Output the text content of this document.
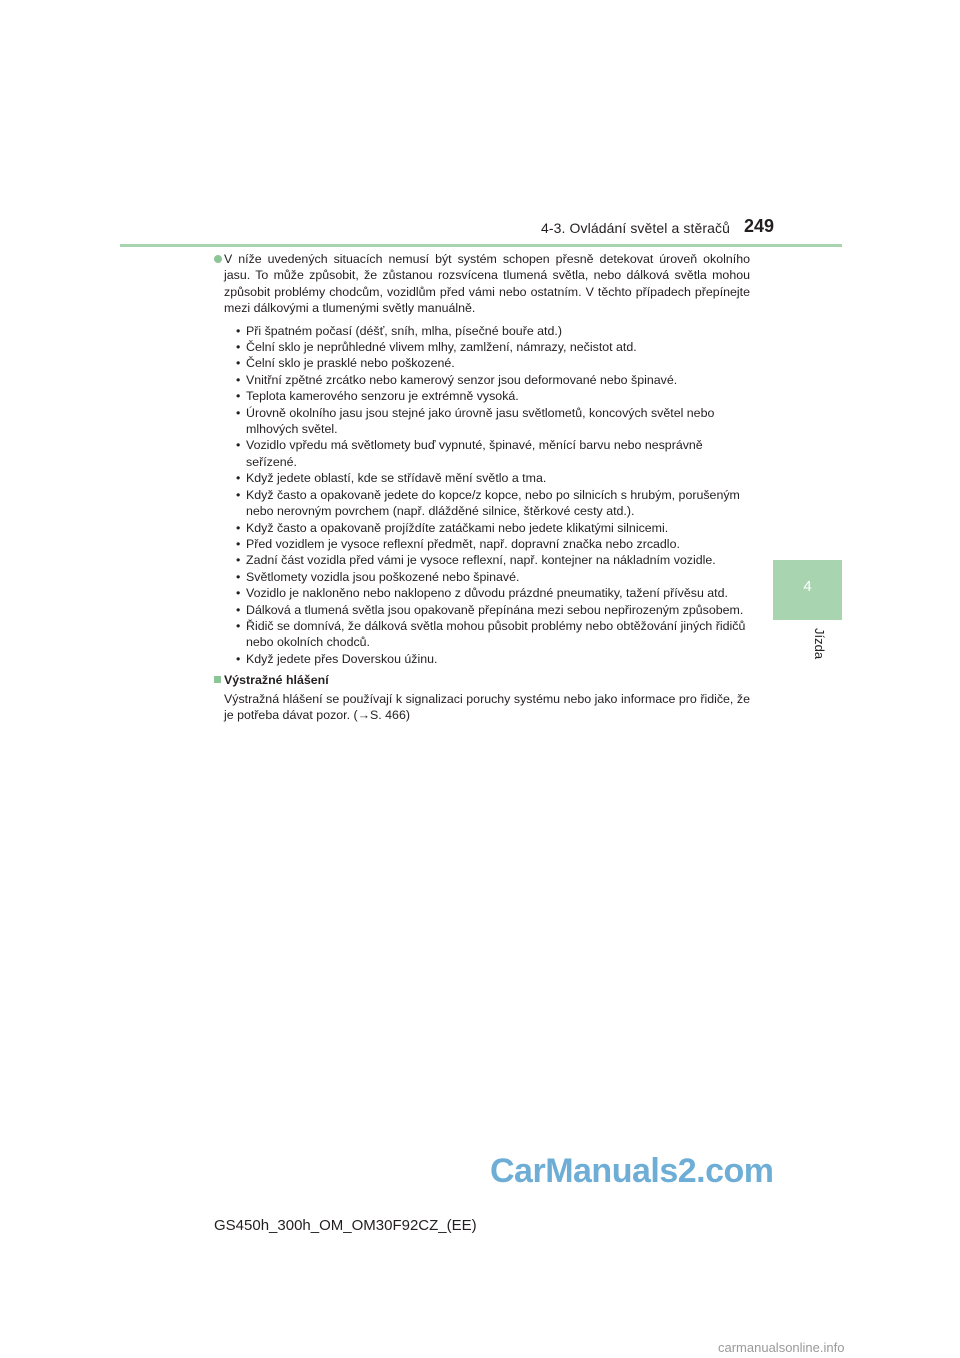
4-3. Ovládání světel a stěračů 249
4
Jízda
V níže uvedených situacích nemusí být systém schopen přesně detekovat úroveň okolního jasu. To může způsobit, že zůstanou rozsvícena tlumená světla, nebo dálková světla mohou způsobit problémy chodcům, vozidlům před vámi nebo ostatním. V těchto případech přepínejte mezi dálkovými a tlumenými světly manuálně.
• Při špatném počasí (déšť, sníh, mlha, písečné bouře atd.)
• Čelní sklo je neprůhledné vlivem mlhy, zamlžení, námrazy, nečistot atd.
• Čelní sklo je prasklé nebo poškozené.
• Vnitřní zpětné zrcátko nebo kamerový senzor jsou deformované nebo špinavé.
• Teplota kamerového senzoru je extrémně vysoká.
• Úrovně okolního jasu jsou stejné jako úrovně jasu světlometů, koncových světel nebo mlhových světel.
• Vozidlo vpředu má světlomety buď vypnuté, špinavé, měnící barvu nebo nesprávně seřízené.
• Když jedete oblastí, kde se střídavě mění světlo a tma.
• Když často a opakovaně jedete do kopce/z kopce, nebo po silnicích s hrubým, porušeným nebo nerovným povrchem (např. dlážděné silnice, štěrkové cesty atd.).
• Když často a opakovaně projíždíte zatáčkami nebo jedete klikatými silnicemi.
• Před vozidlem je vysoce reflexní předmět, např. dopravní značka nebo zrcadlo.
• Zadní část vozidla před vámi je vysoce reflexní, např. kontejner na nákladním vozidle.
• Světlomety vozidla jsou poškozené nebo špinavé.
• Vozidlo je nakloněno nebo naklopeno z důvodu prázdné pneumatiky, tažení přívěsu atd.
• Dálková a tlumená světla jsou opakovaně přepínána mezi sebou nepřirozeným způsobem.
• Řidič se domnívá, že dálková světla mohou působit problémy nebo obtěžování jiných řidičů nebo okolních chodců.
• Když jedete přes Doverskou úžinu.
Výstražné hlášení
Výstražná hlášení se používají k signalizaci poruchy systému nebo jako informace pro řidiče, že je potřeba dávat pozor. (→S. 466)
GS450h_300h_OM_OM30F92CZ_(EE)
CarManuals2.com
carmanualsonline.info
